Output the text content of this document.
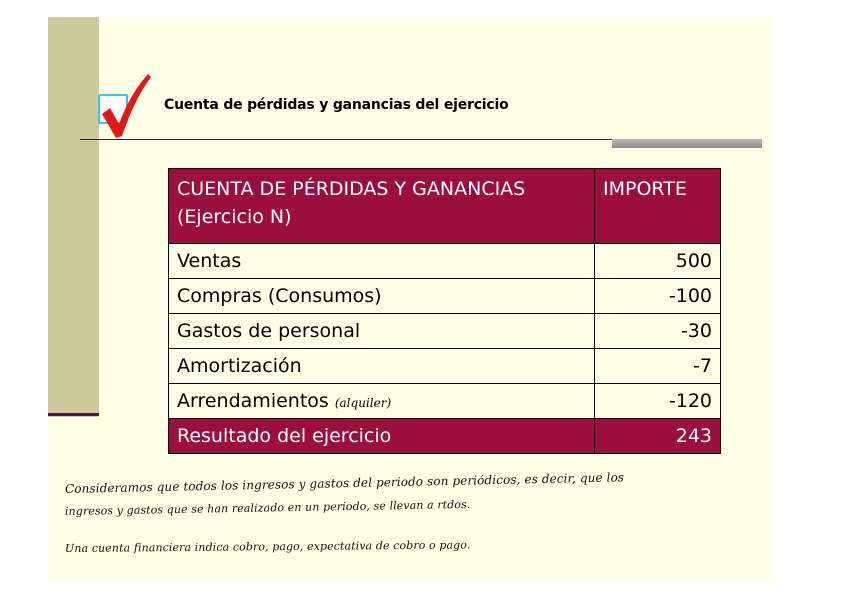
Cuenta de pérdidas y ganancias del ejercicio
CUENTA DE PÉRDIDAS Y GANANCIAS
(Ejercicio N)	IMPORTE
Ventas	500
Compras (Consumos)	-100
Gastos de personal	-30
Amortización	-7
Arrendamientos (alquiler)	-120
Resultado del ejercicio	243
Consideramos que todos los ingresos y gastos del periodo son periódicos, es decir, que los
ingresos y gastos que se han realizado en un periodo, se llevan a rtdos.
Una cuenta financiera indica cobro, pago, expectativa de cobro o pago.
